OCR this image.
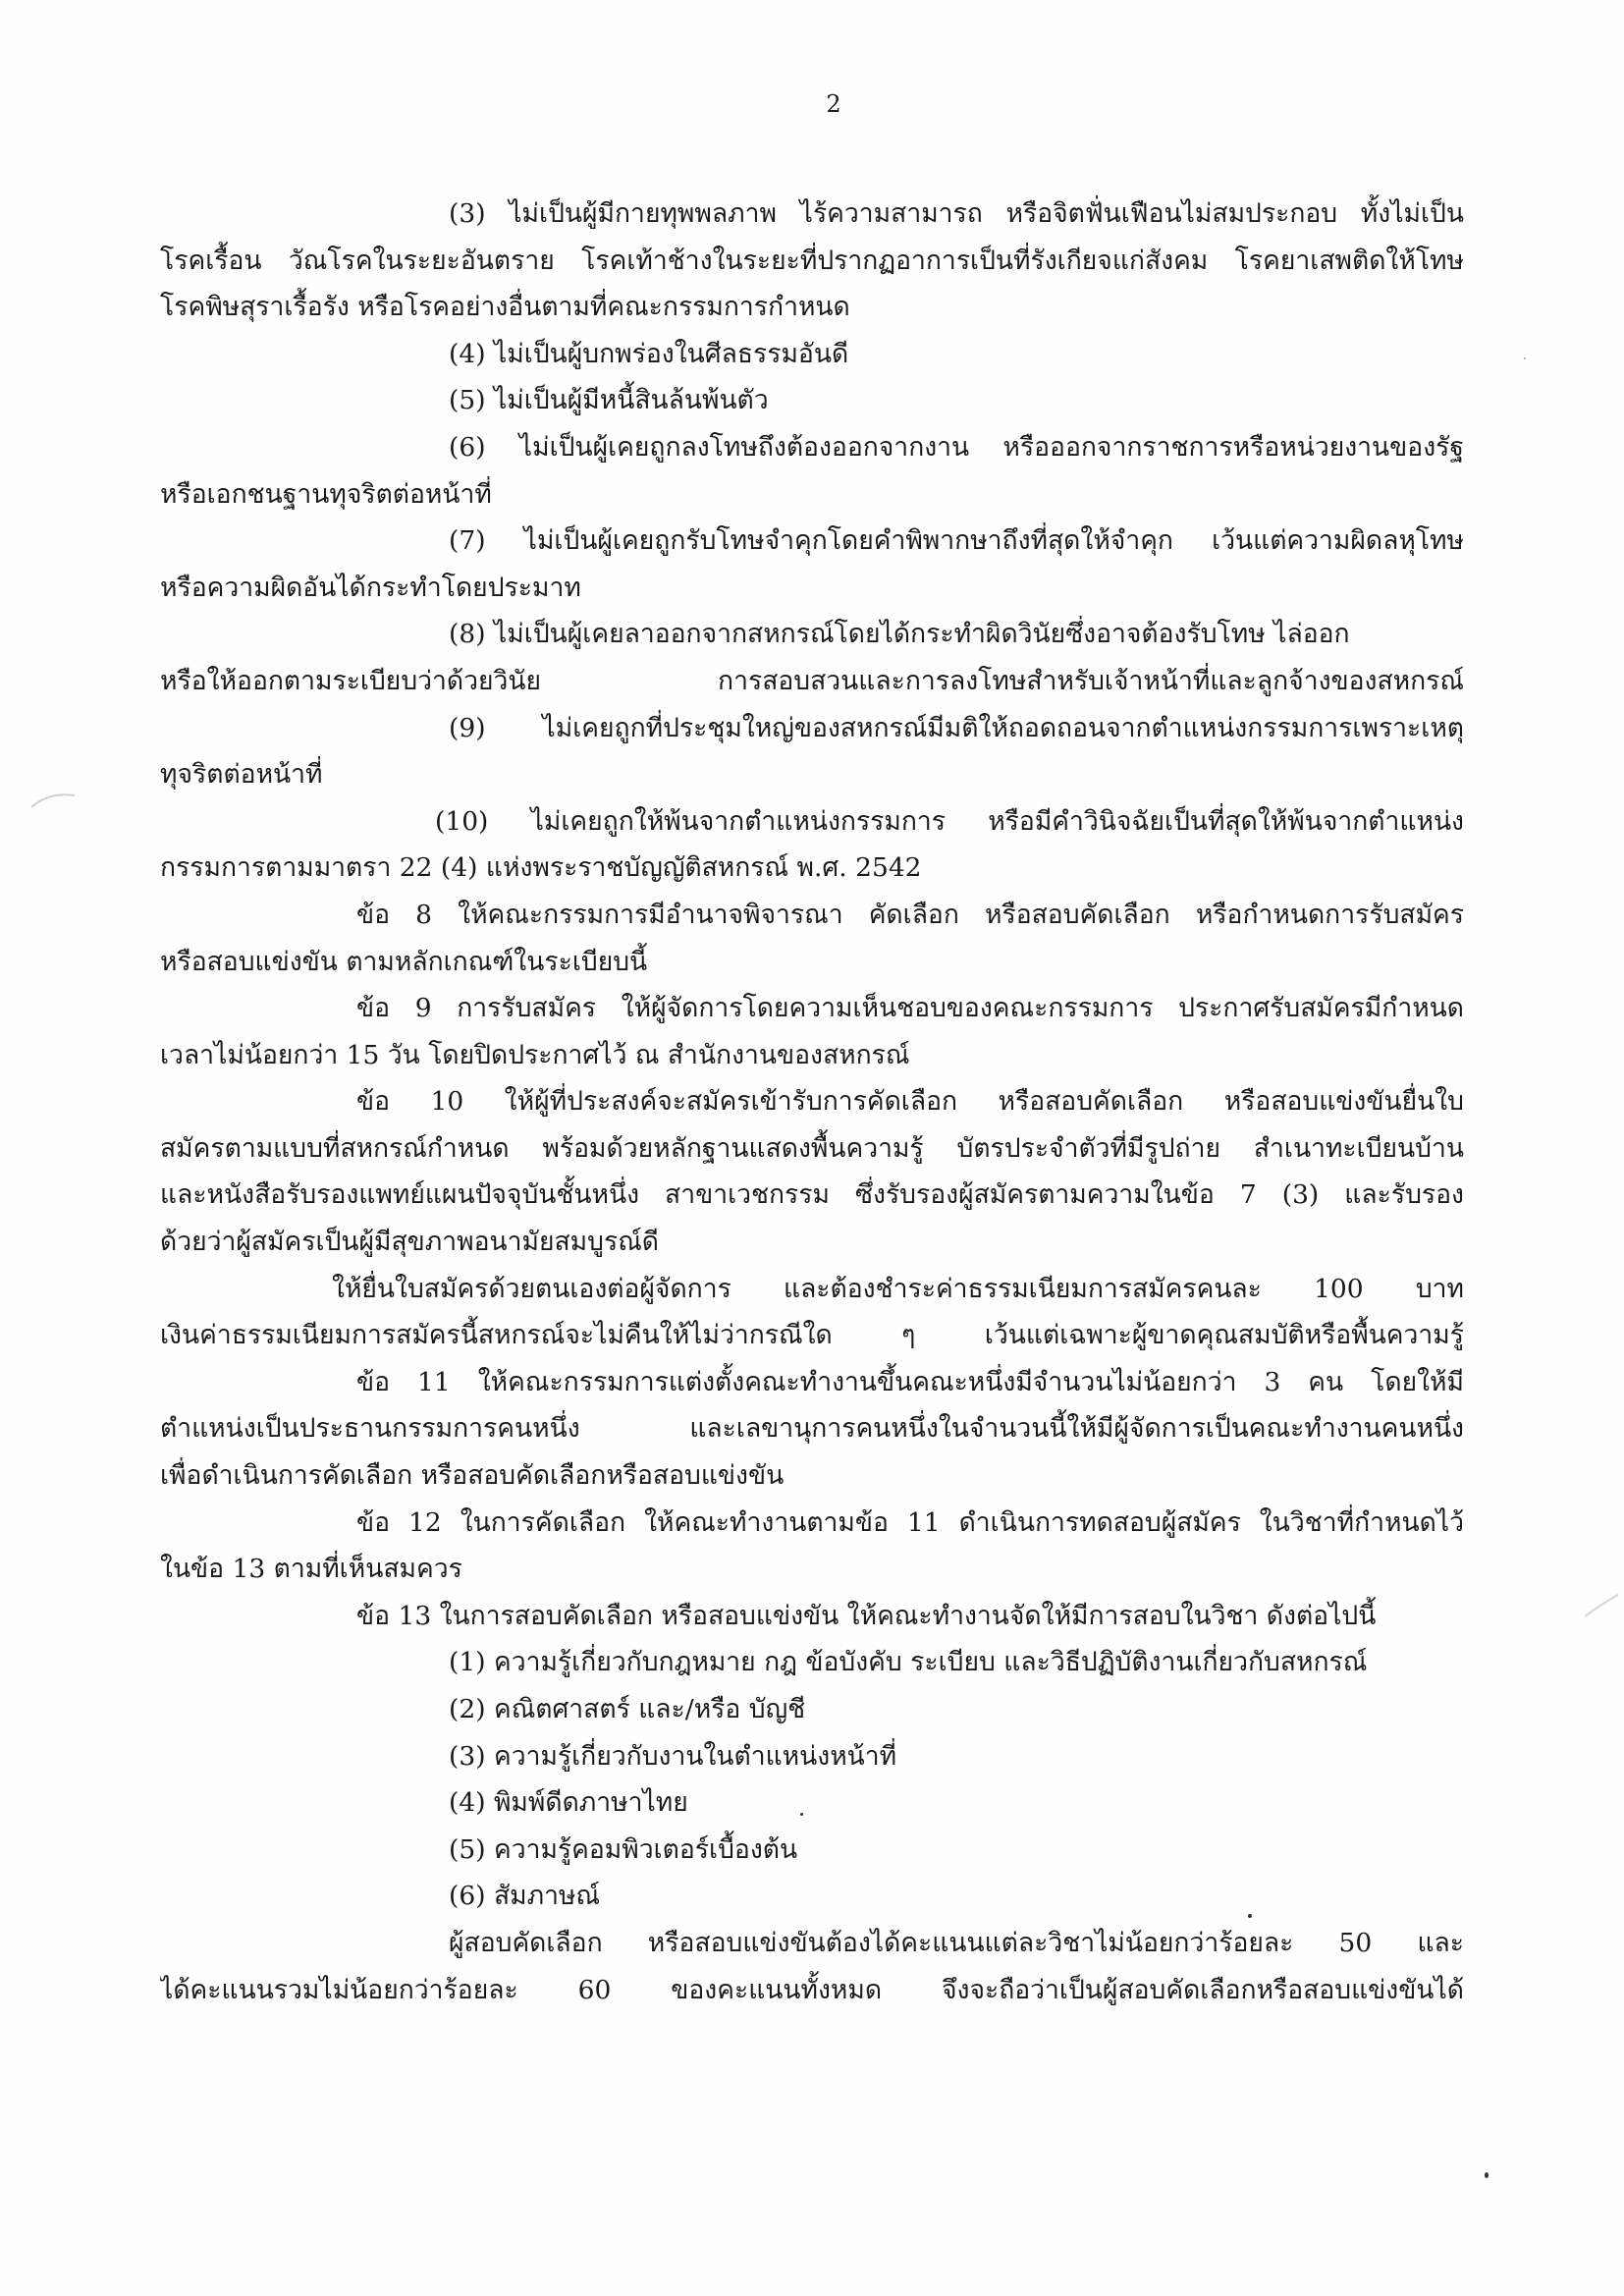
2
(3) ไม่เป็นผู้มีกายทุพพลภาพ ไร้ความสามารถ หรือจิตฟั่นเฟือนไม่สมประกอบ ทั้งไม่เป็น
โรคเรื้อน วัณโรคในระยะอันตราย โรคเท้าช้างในระยะที่ปรากฏอาการเป็นที่รังเกียจแก่สังคม โรคยาเสพติดให้โทษ
โรคพิษสุราเรื้อรัง หรือโรคอย่างอื่นตามที่คณะกรรมการกำหนด
(4) ไม่เป็นผู้บกพร่องในศีลธรรมอันดี
(5) ไม่เป็นผู้มีหนี้สินล้นพ้นตัว
(6) ไม่เป็นผู้เคยถูกลงโทษถึงต้องออกจากงาน หรือออกจากราชการหรือหน่วยงานของรัฐ
หรือเอกชนฐานทุจริตต่อหน้าที่
(7) ไม่เป็นผู้เคยถูกรับโทษจำคุกโดยคำพิพากษาถึงที่สุดให้จำคุก เว้นแต่ความผิดลหุโทษ
หรือความผิดอันได้กระทำโดยประมาท
(8) ไม่เป็นผู้เคยลาออกจากสหกรณ์โดยได้กระทำผิดวินัยซึ่งอาจต้องรับโทษ ไล่ออก
หรือให้ออกตามระเบียบว่าด้วยวินัย การสอบสวนและการลงโทษสำหรับเจ้าหน้าที่และลูกจ้างของสหกรณ์
(9) ไม่เคยถูกที่ประชุมใหญ่ของสหกรณ์มีมติให้ถอดถอนจากตำแหน่งกรรมการเพราะเหตุ
ทุจริตต่อหน้าที่
(10) ไม่เคยถูกให้พ้นจากตำแหน่งกรรมการ หรือมีคำวินิจฉัยเป็นที่สุดให้พ้นจากตำแหน่ง
กรรมการตามมาตรา 22 (4) แห่งพระราชบัญญัติสหกรณ์ พ.ศ. 2542
ข้อ 8 ให้คณะกรรมการมีอำนาจพิจารณา คัดเลือก หรือสอบคัดเลือก หรือกำหนดการรับสมัคร
หรือสอบแข่งขัน ตามหลักเกณฑ์ในระเบียบนี้
ข้อ 9 การรับสมัคร ให้ผู้จัดการโดยความเห็นชอบของคณะกรรมการ ประกาศรับสมัครมีกำหนด
เวลาไม่น้อยกว่า 15 วัน โดยปิดประกาศไว้ ณ สำนักงานของสหกรณ์
ข้อ 10 ให้ผู้ที่ประสงค์จะสมัครเข้ารับการคัดเลือก หรือสอบคัดเลือก หรือสอบแข่งขันยื่นใบ
สมัครตามแบบที่สหกรณ์กำหนด พร้อมด้วยหลักฐานแสดงพื้นความรู้ บัตรประจำตัวที่มีรูปถ่าย สำเนาทะเบียนบ้าน
และหนังสือรับรองแพทย์แผนปัจจุบันชั้นหนึ่ง สาขาเวชกรรม ซึ่งรับรองผู้สมัครตามความในข้อ 7 (3) และรับรอง
ด้วยว่าผู้สมัครเป็นผู้มีสุขภาพอนามัยสมบูรณ์ดี
ให้ยื่นใบสมัครด้วยตนเองต่อผู้จัดการ และต้องชำระค่าธรรมเนียมการสมัครคนละ 100 บาท
เงินค่าธรรมเนียมการสมัครนี้สหกรณ์จะไม่คืนให้ไม่ว่ากรณีใด ๆ เว้นแต่เฉพาะผู้ขาดคุณสมบัติหรือพื้นความรู้
ข้อ 11 ให้คณะกรรมการแต่งตั้งคณะทำงานขึ้นคณะหนึ่งมีจำนวนไม่น้อยกว่า 3 คน โดยให้มี
ตำแหน่งเป็นประธานกรรมการคนหนึ่ง และเลขานุการคนหนึ่งในจำนวนนี้ให้มีผู้จัดการเป็นคณะทำงานคนหนึ่ง
เพื่อดำเนินการคัดเลือก หรือสอบคัดเลือกหรือสอบแข่งขัน
ข้อ 12 ในการคัดเลือก ให้คณะทำงานตามข้อ 11 ดำเนินการทดสอบผู้สมัคร ในวิชาที่กำหนดไว้
ในข้อ 13 ตามที่เห็นสมควร
ข้อ 13 ในการสอบคัดเลือก หรือสอบแข่งขัน ให้คณะทำงานจัดให้มีการสอบในวิชา ดังต่อไปนี้
(1) ความรู้เกี่ยวกับกฎหมาย กฎ ข้อบังคับ ระเบียบ และวิธีปฏิบัติงานเกี่ยวกับสหกรณ์
(2) คณิตศาสตร์ และ/หรือ บัญชี
(3) ความรู้เกี่ยวกับงานในตำแหน่งหน้าที่
(4) พิมพ์ดีดภาษาไทย
(5) ความรู้คอมพิวเตอร์เบื้องต้น
(6) สัมภาษณ์
ผู้สอบคัดเลือก หรือสอบแข่งขันต้องได้คะแนนแต่ละวิชาไม่น้อยกว่าร้อยละ 50 และ
ได้คะแนนรวมไม่น้อยกว่าร้อยละ 60 ของคะแนนทั้งหมด จึงจะถือว่าเป็นผู้สอบคัดเลือกหรือสอบแข่งขันได้
